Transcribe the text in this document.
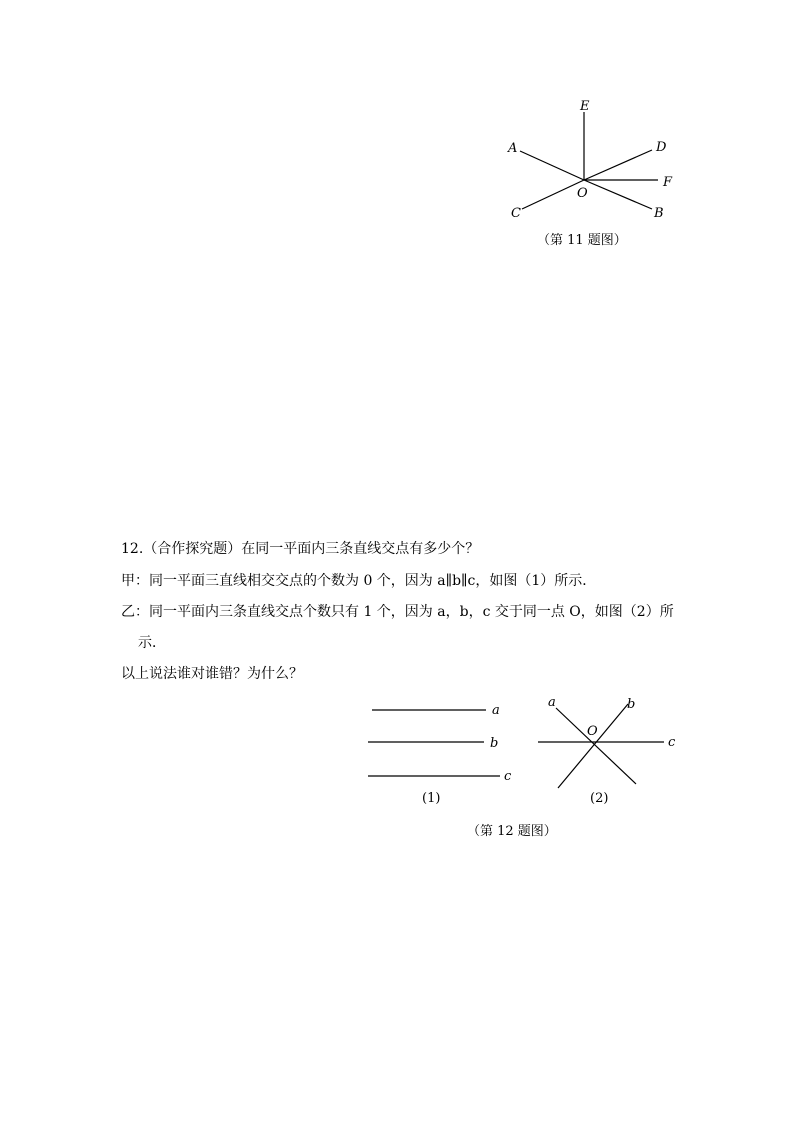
E
A	D
F
O
C	B
（第 11 题图）
12.（合作探究题）在同一平面内三条直线交点有多少个？
甲：同一平面三直线相交交点的个数为 0 个，因为 a∥b∥c，如图（1）所示．
乙：同一平面内三条直线交点个数只有 1 个，因为 a，b，c 交于同一点 O，如图（2）所
示．
以上说法谁对谁错？为什么？
a
b
c
(1)
a	b
O
c
(2)
（第 12 题图）
